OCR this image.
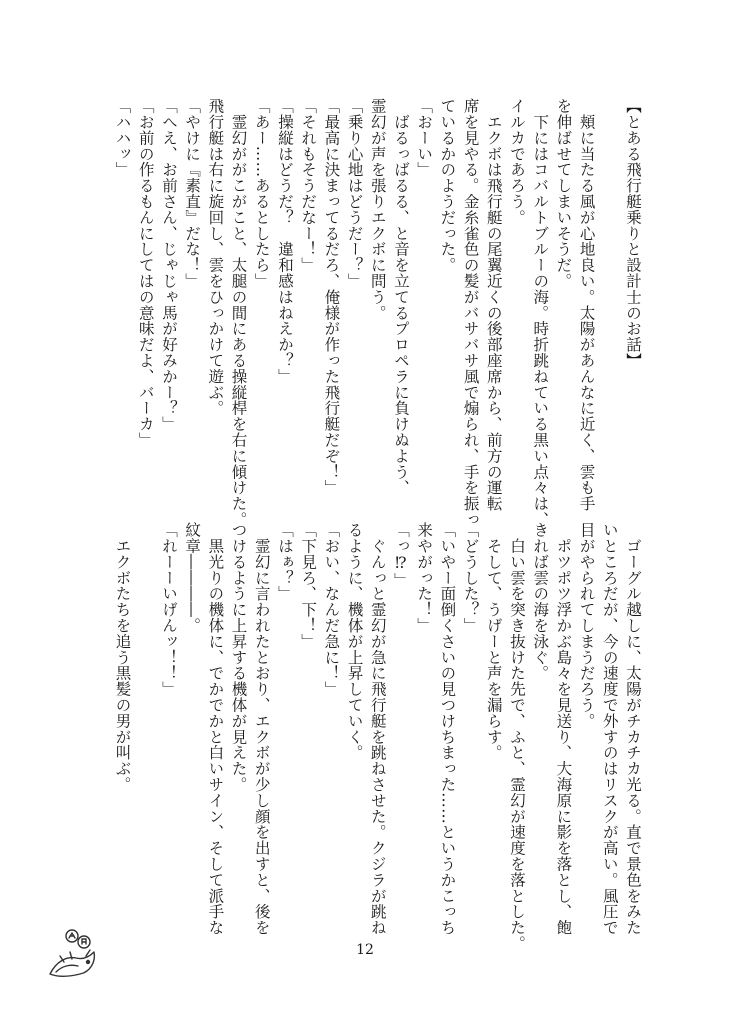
【とある飛行艇乗りと設計士のお話】

　頬に当たる風が心地良い。太陽があんなに近く、雲も手

を伸ばせてしまいそうだ。

　下にはコバルトブルーの海。時折跳ねている黒い点々は、

イルカであろう。

　エクボは飛行艇の尾翼近くの後部座席から、前方の運転

席を見やる。金糸雀色の髪がバサバサ風で煽られ、手を振っ

ているかのようだった。

「おーい」

　ばるっばるる、と音を立てるプロペラに負けぬよう、

霊幻が声を張りエクボに問う。

「乗り心地はどうだー？」

「最高に決まってるだろ、俺様が作った飛行艇だぞ！」

「それもそうだなー！」

「操縦はどうだ？　違和感はねえか？」

「あー……あるとしたら」

　霊幻ががこがこと、太腿の間にある操縦桿を右に傾けた。

飛行艇は右に旋回し、雲をひっかけて遊ぶ。

「やけに『素直』だな！」

「へえ、お前さん、じゃじゃ馬が好みかー？」

「お前の作るもんにしてはの意味だよ、バーカ」

「ハハッ」

　ゴーグル越しに、太陽がチカチカ光る。直で景色をみた

いところだが、今の速度で外すのはリスクが高い。風圧で

目がやられてしまうだろう。

　ポツポツ浮かぶ島々を見送り、大海原に影を落とし、飽

きれば雲の海を泳ぐ。

　白い雲を突き抜けた先で、ふと、霊幻が速度を落とした。

　そして、うげーと声を漏らす。

「どうした？」

「いやー面倒くさいの見つけちまった……というかこっち

来やがった！」

「っ⁉」

　ぐんっと霊幻が急に飛行艇を跳ねさせた。クジラが跳ね

るように、機体が上昇していく。

「おい、なんだ急に！」

「下見ろ、下！」

「はぁ？」

　霊幻に言われたとおり、エクボが少し顔を出すと、後を

つけるように上昇する機体が見えた。

　黒光りの機体に、でかでかと白いサイン、そして派手な

紋章――――。

「れーーいげんッ！！」

　エクボたちを追う黒髪の男が叫ぶ。

12
